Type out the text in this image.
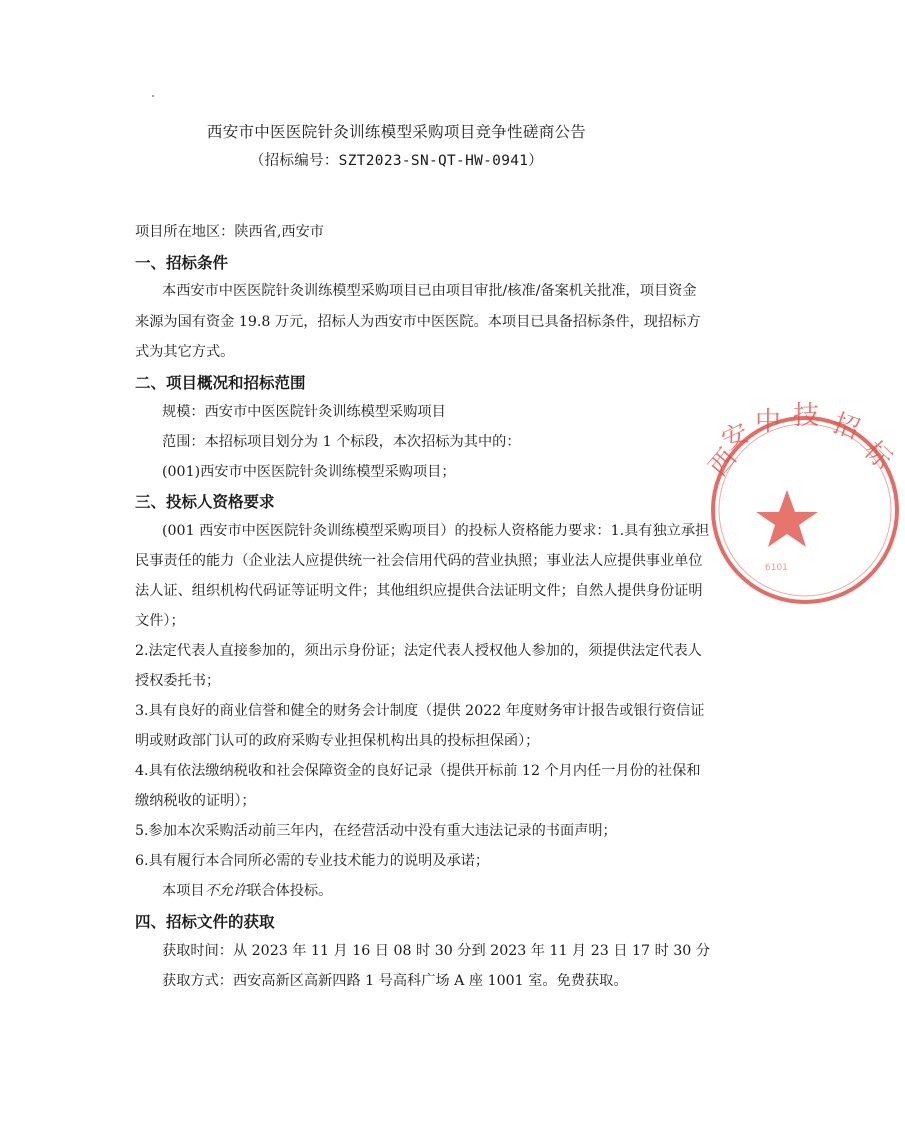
西安市中医医院针灸训练模型采购项目竞争性磋商公告
（招标编号：SZT2023-SN-QT-HW-0941）
项目所在地区：陕西省,西安市
一、招标条件
本西安市中医医院针灸训练模型采购项目已由项目审批/核准/备案机关批准，项目资金
来源为国有资金 19.8 万元，招标人为西安市中医医院。本项目已具备招标条件，现招标方
式为其它方式。
二、项目概况和招标范围
规模：西安市中医医院针灸训练模型采购项目
范围：本招标项目划分为 1 个标段，本次招标为其中的：
(001)西安市中医医院针灸训练模型采购项目；
三、投标人资格要求
(001 西安市中医医院针灸训练模型采购项目）的投标人资格能力要求：1.具有独立承担
民事责任的能力（企业法人应提供统一社会信用代码的营业执照；事业法人应提供事业单位
法人证、组织机构代码证等证明文件；其他组织应提供合法证明文件；自然人提供身份证明
文件）；
2.法定代表人直接参加的，须出示身份证；法定代表人授权他人参加的，须提供法定代表人
授权委托书；
3.具有良好的商业信誉和健全的财务会计制度（提供 2022 年度财务审计报告或银行资信证
明或财政部门认可的政府采购专业担保机构出具的投标担保函）；
4.具有依法缴纳税收和社会保障资金的良好记录（提供开标前 12 个月内任一月份的社保和
缴纳税收的证明）；
5.参加本次采购活动前三年内，在经营活动中没有重大违法记录的书面声明；
6.具有履行本合同所必需的专业技术能力的说明及承诺；
本项目不允许联合体投标。
四、招标文件的获取
获取时间：从 2023 年 11 月 16 日 08 时 30 分到 2023 年 11 月 23 日 17 时 30 分
获取方式：西安高新区高新四路 1 号高科广场 A 座 1001 室。免费获取。
西
安 中 技 招
标
6101
